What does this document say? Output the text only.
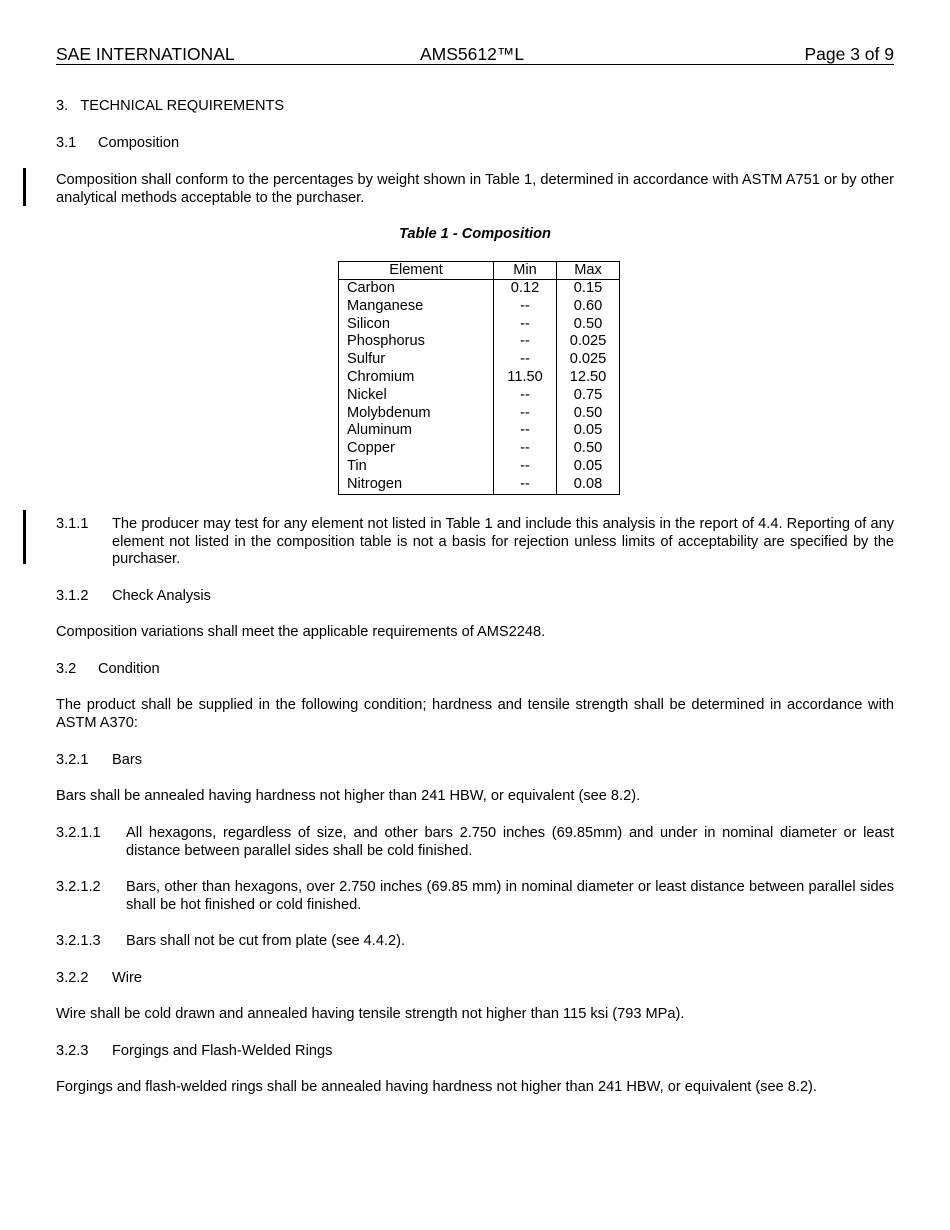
SAE INTERNATIONAL	AMS5612™L	Page 3 of 9
3. TECHNICAL REQUIREMENTS
3.1 Composition
Composition shall conform to the percentages by weight shown in Table 1, determined in accordance with ASTM A751 or by other analytical methods acceptable to the purchaser.
Table 1 - Composition
Element	Min	Max
Carbon	0.12	0.15
Manganese	--	0.60
Silicon	--	0.50
Phosphorus	--	0.025
Sulfur	--	0.025
Chromium	11.50	12.50
Nickel	--	0.75
Molybdenum	--	0.50
Aluminum	--	0.05
Copper	--	0.50
Tin	--	0.05
Nitrogen	--	0.08
3.1.1 The producer may test for any element not listed in Table 1 and include this analysis in the report of 4.4. Reporting of any element not listed in the composition table is not a basis for rejection unless limits of acceptability are specified by the purchaser.
3.1.2 Check Analysis
Composition variations shall meet the applicable requirements of AMS2248.
3.2 Condition
The product shall be supplied in the following condition; hardness and tensile strength shall be determined in accordance with ASTM A370:
3.2.1 Bars
Bars shall be annealed having hardness not higher than 241 HBW, or equivalent (see 8.2).
3.2.1.1 All hexagons, regardless of size, and other bars 2.750 inches (69.85mm) and under in nominal diameter or least distance between parallel sides shall be cold finished.
3.2.1.2 Bars, other than hexagons, over 2.750 inches (69.85 mm) in nominal diameter or least distance between parallel sides shall be hot finished or cold finished.
3.2.1.3 Bars shall not be cut from plate (see 4.4.2).
3.2.2 Wire
Wire shall be cold drawn and annealed having tensile strength not higher than 115 ksi (793 MPa).
3.2.3 Forgings and Flash-Welded Rings
Forgings and flash-welded rings shall be annealed having hardness not higher than 241 HBW, or equivalent (see 8.2).
